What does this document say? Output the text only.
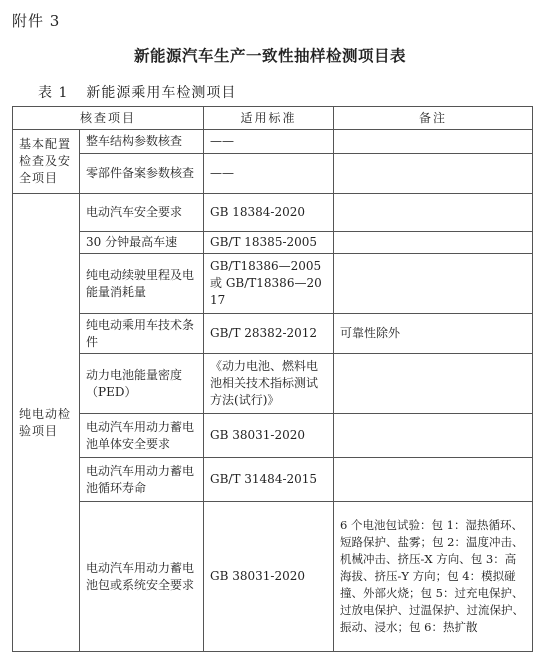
附件 3
新能源汽车生产一致性抽样检测项目表
表 1 新能源乘用车检测项目
核查项目		适用标准	备注
基本配置检查及安全项目	整车结构参数核查	——	
	零部件备案参数核查	——	
纯电动检验项目	电动汽车安全要求	GB 18384-2020	
	30 分钟最高车速	GB/T 18385-2005	
	纯电动续驶里程及电能量消耗量	GB/T18386—2005 或 GB/T18386—2017	
	纯电动乘用车技术条件	GB/T 28382-2012	可靠性除外
	动力电池能量密度（PED）	《动力电池、燃料电池相关技术指标测试方法(试行)》	
	电动汽车用动力蓄电池单体安全要求	GB 38031-2020	
	电动汽车用动力蓄电池循环寿命	GB/T 31484-2015	
	电动汽车用动力蓄电池包或系统安全要求	GB 38031-2020	6 个电池包试验：包 1：湿热循环、短路保护、盐雾；包 2：温度冲击、机械冲击、挤压-X 方向、包 3：高海拔、挤压-Y 方向；包 4：模拟碰撞、外部火烧；包 5：过充电保护、过放电保护、过温保护、过流保护、振动、浸水；包 6：热扩散
